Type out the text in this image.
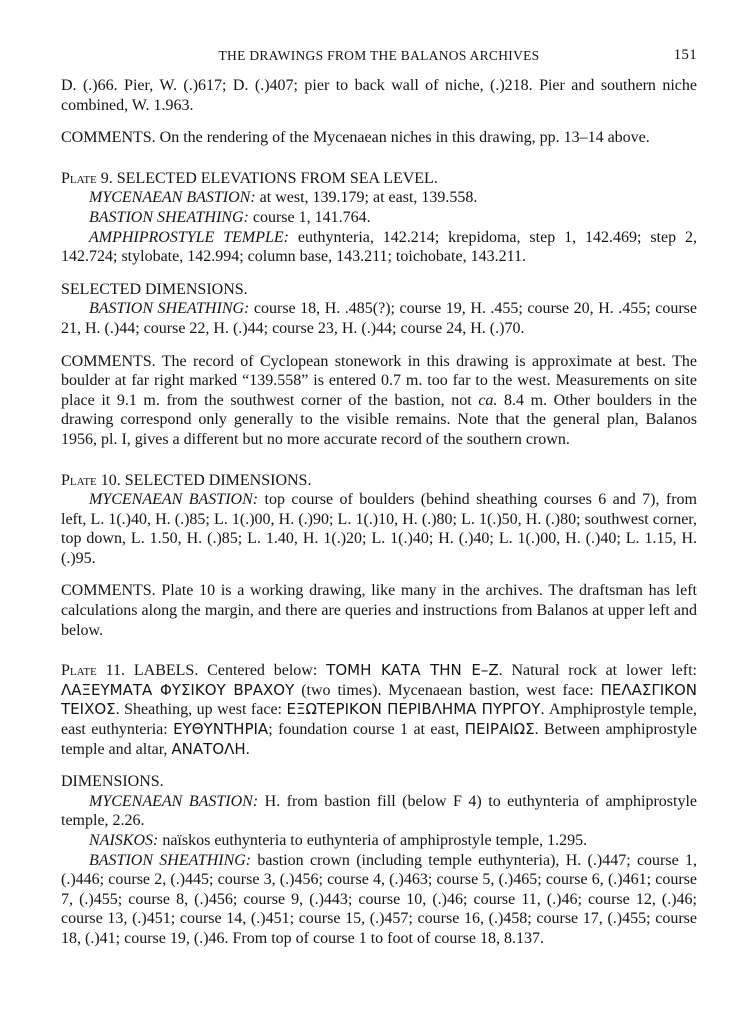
THE DRAWINGS FROM THE BALANOS ARCHIVES	151

D. (.)66. Pier, W. (.)617; D. (.)407; pier to back wall of niche, (.)218. Pier and southern niche combined, W. 1.963.

COMMENTS. On the rendering of the Mycenaean niches in this drawing, pp. 13–14 above.

Plate 9. SELECTED ELEVATIONS FROM SEA LEVEL.

MYCENAEAN BASTION: at west, 139.179; at east, 139.558.

BASTION SHEATHING: course 1, 141.764.

AMPHIPROSTYLE TEMPLE: euthynteria, 142.214; krepidoma, step 1, 142.469; step 2, 142.724; stylobate, 142.994; column base, 143.211; toichobate, 143.211.

SELECTED DIMENSIONS.

BASTION SHEATHING: course 18, H. .485(?); course 19, H. .455; course 20, H. .455; course 21, H. (.)44; course 22, H. (.)44; course 23, H. (.)44; course 24, H. (.)70.

COMMENTS. The record of Cyclopean stonework in this drawing is approximate at best. The boulder at far right marked “139.558” is entered 0.7 m. too far to the west. Measurements on site place it 9.1 m. from the southwest corner of the bastion, not ca. 8.4 m. Other boulders in the drawing correspond only generally to the visible remains. Note that the general plan, Balanos 1956, pl. I, gives a different but no more accurate record of the southern crown.

Plate 10. SELECTED DIMENSIONS.

MYCENAEAN BASTION: top course of boulders (behind sheathing courses 6 and 7), from left, L. 1(.)40, H. (.)85; L. 1(.)00, H. (.)90; L. 1(.)10, H. (.)80; L. 1(.)50, H. (.)80; southwest corner, top down, L. 1.50, H. (.)85; L. 1.40, H. 1(.)20; L. 1(.)40; H. (.)40; L. 1(.)00, H. (.)40; L. 1.15, H. (.)95.

COMMENTS. Plate 10 is a working drawing, like many in the archives. The draftsman has left calculations along the margin, and there are queries and instructions from Balanos at upper left and below.

Plate 11. LABELS. Centered below: ΤΟΜΗ ΚΑΤΑ ΤΗΝ Ε–Ζ. Natural rock at lower left: ΛΑΞΕΥΜΑΤΑ ΦΥΣΙΚΟΥ ΒΡΑΧΟΥ (two times). Mycenaean bastion, west face: ΠΕΛΑΣΓΙΚΟΝ ΤΕΙΧΟΣ. Sheathing, up west face: ΕΞΩΤΕΡΙΚΟΝ ΠΕΡΙΒΛΗΜΑ ΠΥΡΓΟΥ. Amphiprostyle temple, east euthynteria: ΕΥΘΥΝΤΗΡΙΑ; foundation course 1 at east, ΠΕΙΡΑΙΩΣ. Between amphiprostyle temple and altar, ΑΝΑΤΟΛΗ.

DIMENSIONS.

MYCENAEAN BASTION: H. from bastion fill (below F 4) to euthynteria of amphiprostyle temple, 2.26.

NAISKOS: naïskos euthynteria to euthynteria of amphiprostyle temple, 1.295.

BASTION SHEATHING: bastion crown (including temple euthynteria), H. (.)447; course 1, (.)446; course 2, (.)445; course 3, (.)456; course 4, (.)463; course 5, (.)465; course 6, (.)461; course 7, (.)455; course 8, (.)456; course 9, (.)443; course 10, (.)46; course 11, (.)46; course 12, (.)46; course 13, (.)451; course 14, (.)451; course 15, (.)457; course 16, (.)458; course 17, (.)455; course 18, (.)41; course 19, (.)46. From top of course 1 to foot of course 18, 8.137.
